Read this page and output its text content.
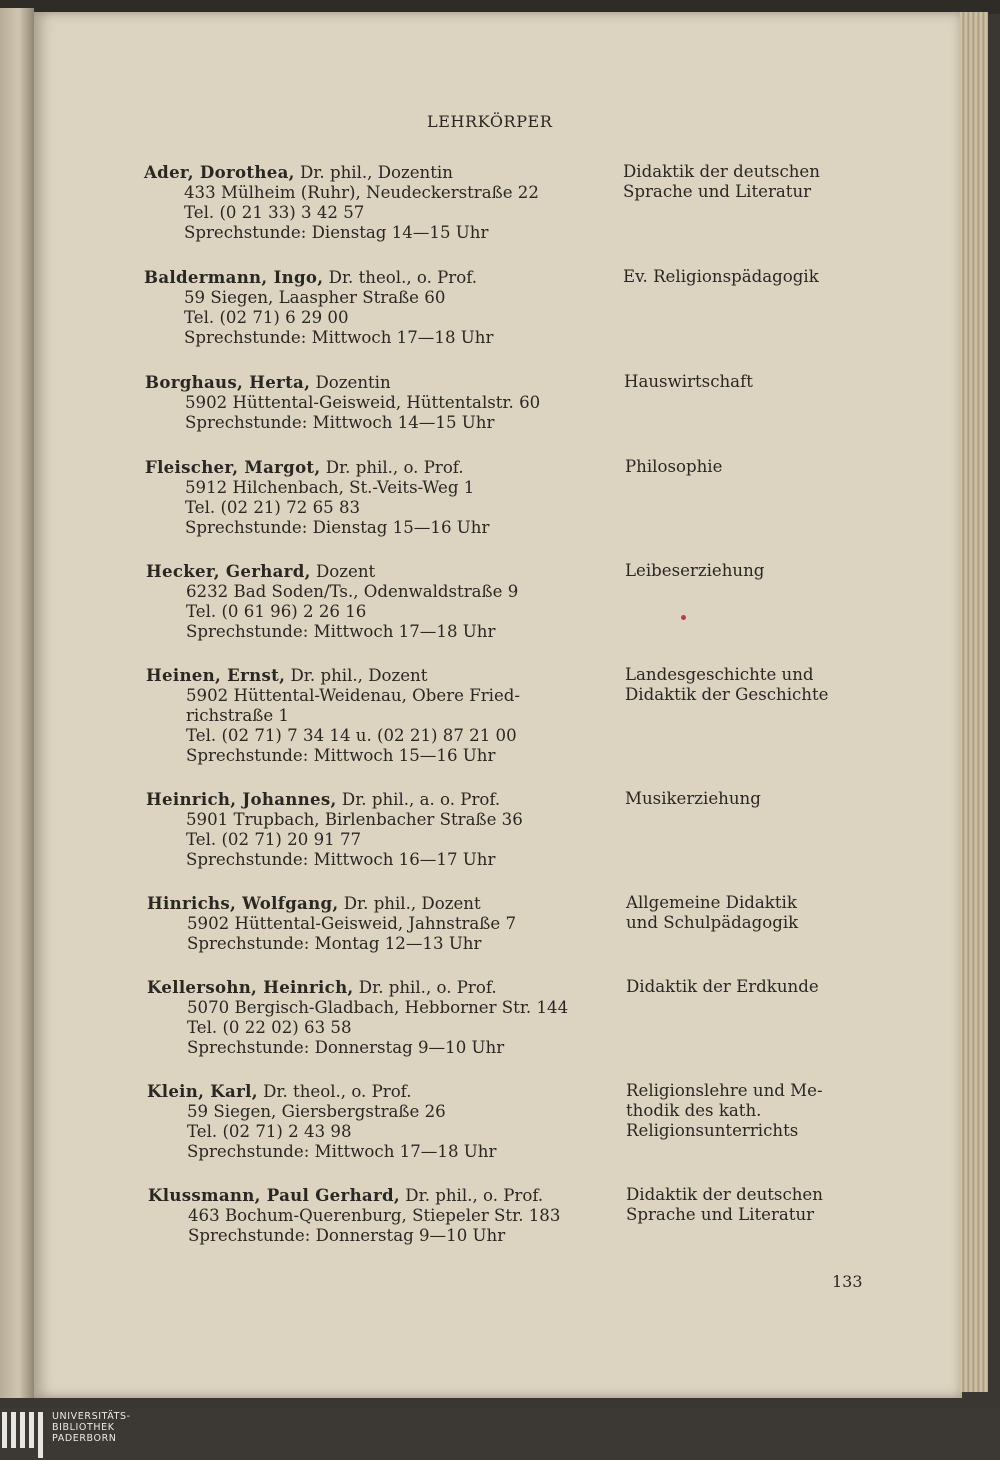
LEHRKÖRPER
Ader, Dorothea, Dr. phil., Dozentin
433 Mülheim (Ruhr), Neudeckerstraße 22
Tel. (0 21 33) 3 42 57
Sprechstunde: Dienstag 14—15 Uhr
Didaktik der deutschen
Sprache und Literatur
Baldermann, Ingo, Dr. theol., o. Prof.
59 Siegen, Laaspher Straße 60
Tel. (02 71) 6 29 00
Sprechstunde: Mittwoch 17—18 Uhr
Ev. Religionspädagogik
Borghaus, Herta, Dozentin
5902 Hüttental-Geisweid, Hüttentalstr. 60
Sprechstunde: Mittwoch 14—15 Uhr
Hauswirtschaft
Fleischer, Margot, Dr. phil., o. Prof.
5912 Hilchenbach, St.-Veits-Weg 1
Tel. (02 21) 72 65 83
Sprechstunde: Dienstag 15—16 Uhr
Philosophie
Hecker, Gerhard, Dozent
6232 Bad Soden/Ts., Odenwaldstraße 9
Tel. (0 61 96) 2 26 16
Sprechstunde: Mittwoch 17—18 Uhr
Leibeserziehung
Heinen, Ernst, Dr. phil., Dozent
5902 Hüttental-Weidenau, Obere Fried-
richstraße 1
Tel. (02 71) 7 34 14 u. (02 21) 87 21 00
Sprechstunde: Mittwoch 15—16 Uhr
Landesgeschichte und
Didaktik der Geschichte
Heinrich, Johannes, Dr. phil., a. o. Prof.
5901 Trupbach, Birlenbacher Straße 36
Tel. (02 71) 20 91 77
Sprechstunde: Mittwoch 16—17 Uhr
Musikerziehung
Hinrichs, Wolfgang, Dr. phil., Dozent
5902 Hüttental-Geisweid, Jahnstraße 7
Sprechstunde: Montag 12—13 Uhr
Allgemeine Didaktik
und Schulpädagogik
Kellersohn, Heinrich, Dr. phil., o. Prof.
5070 Bergisch-Gladbach, Hebborner Str. 144
Tel. (0 22 02) 63 58
Sprechstunde: Donnerstag 9—10 Uhr
Didaktik der Erdkunde
Klein, Karl, Dr. theol., o. Prof.
59 Siegen, Giersbergstraße 26
Tel. (02 71) 2 43 98
Sprechstunde: Mittwoch 17—18 Uhr
Religionslehre und Me-
thodik des kath.
Religionsunterrichts
Klussmann, Paul Gerhard, Dr. phil., o. Prof.
463 Bochum-Querenburg, Stiepeler Str. 183
Sprechstunde: Donnerstag 9—10 Uhr
Didaktik der deutschen
Sprache und Literatur
133
UNIVERSITÄTS-
BIBLIOTHEK
PADERBORN
